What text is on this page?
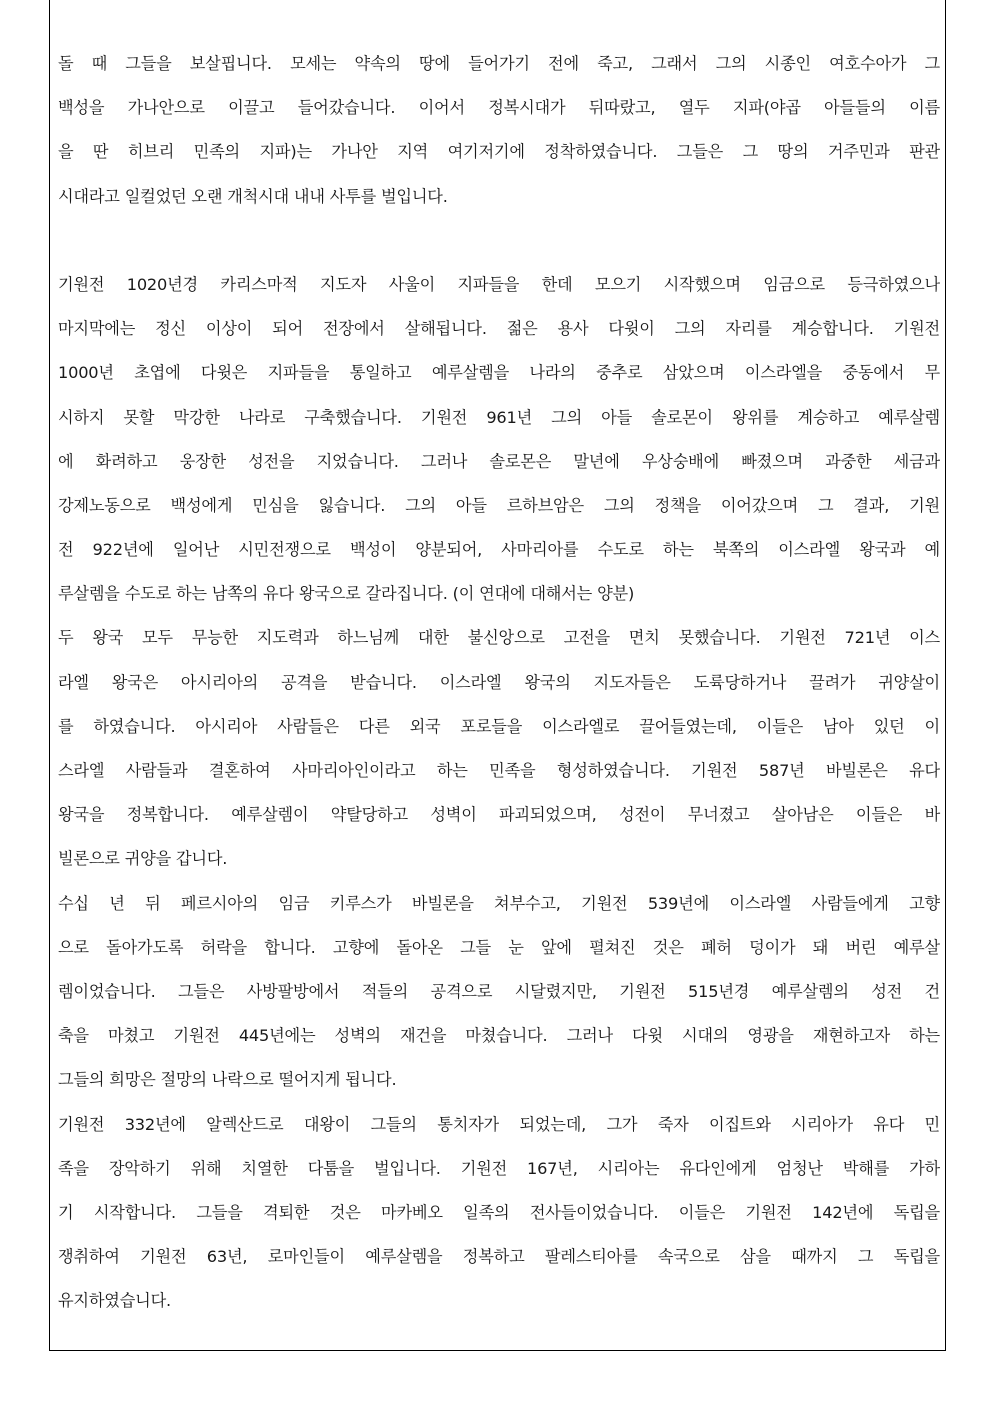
돌 때 그들을 보살핍니다. 모세는 약속의 땅에 들어가기 전에 죽고, 그래서 그의 시종인 여호수아가 그
백성을 가나안으로 이끌고 들어갔습니다. 이어서 정복시대가 뒤따랐고, 열두 지파(야곱 아들들의 이름
을 딴 히브리 민족의 지파)는 가나안 지역 여기저기에 정착하였습니다. 그들은 그 땅의 거주민과 판관
시대라고 일컬었던 오랜 개척시대 내내 사투를 벌입니다.
기원전 1020년경 카리스마적 지도자 사울이 지파들을 한데 모으기 시작했으며 임금으로 등극하였으나
마지막에는 정신 이상이 되어 전장에서 살해됩니다. 젊은 용사 다윗이 그의 자리를 계승합니다. 기원전
1000년 초엽에 다윗은 지파들을 통일하고 예루살렘을 나라의 중추로 삼았으며 이스라엘을 중동에서 무
시하지 못할 막강한 나라로 구축했습니다. 기원전 961년 그의 아들 솔로몬이 왕위를 계승하고 예루살렘
에 화려하고 웅장한 성전을 지었습니다. 그러나 솔로몬은 말년에 우상숭배에 빠졌으며 과중한 세금과
강제노동으로 백성에게 민심을 잃습니다. 그의 아들 르하브암은 그의 정책을 이어갔으며 그 결과, 기원
전 922년에 일어난 시민전쟁으로 백성이 양분되어, 사마리아를 수도로 하는 북쪽의 이스라엘 왕국과 예
루살렘을 수도로 하는 남쪽의 유다 왕국으로 갈라집니다. (이 연대에 대해서는 양분)
두 왕국 모두 무능한 지도력과 하느님께 대한 불신앙으로 고전을 면치 못했습니다. 기원전 721년 이스
라엘 왕국은 아시리아의 공격을 받습니다. 이스라엘 왕국의 지도자들은 도륙당하거나 끌려가 귀양살이
를 하였습니다. 아시리아 사람들은 다른 외국 포로들을 이스라엘로 끌어들였는데, 이들은 남아 있던 이
스라엘 사람들과 결혼하여 사마리아인이라고 하는 민족을 형성하였습니다. 기원전 587년 바빌론은 유다
왕국을 정복합니다. 예루살렘이 약탈당하고 성벽이 파괴되었으며, 성전이 무너졌고 살아남은 이들은 바
빌론으로 귀양을 갑니다.
수십 년 뒤 페르시아의 임금 키루스가 바빌론을 쳐부수고, 기원전 539년에 이스라엘 사람들에게 고향
으로 돌아가도록 허락을 합니다. 고향에 돌아온 그들 눈 앞에 펼쳐진 것은 폐허 덩이가 돼 버린 예루살
렘이었습니다. 그들은 사방팔방에서 적들의 공격으로 시달렸지만, 기원전 515년경 예루살렘의 성전 건
축을 마쳤고 기원전 445년에는 성벽의 재건을 마쳤습니다. 그러나 다윗 시대의 영광을 재현하고자 하는
그들의 희망은 절망의 나락으로 떨어지게 됩니다.
기원전 332년에 알렉산드로 대왕이 그들의 통치자가 되었는데, 그가 죽자 이집트와 시리아가 유다 민
족을 장악하기 위해 치열한 다툼을 벌입니다. 기원전 167년, 시리아는 유다인에게 엄청난 박해를 가하
기 시작합니다. 그들을 격퇴한 것은 마카베오 일족의 전사들이었습니다. 이들은 기원전 142년에 독립을
쟁취하여 기원전 63년, 로마인들이 예루살렘을 정복하고 팔레스티아를 속국으로 삼을 때까지 그 독립을
유지하였습니다.
